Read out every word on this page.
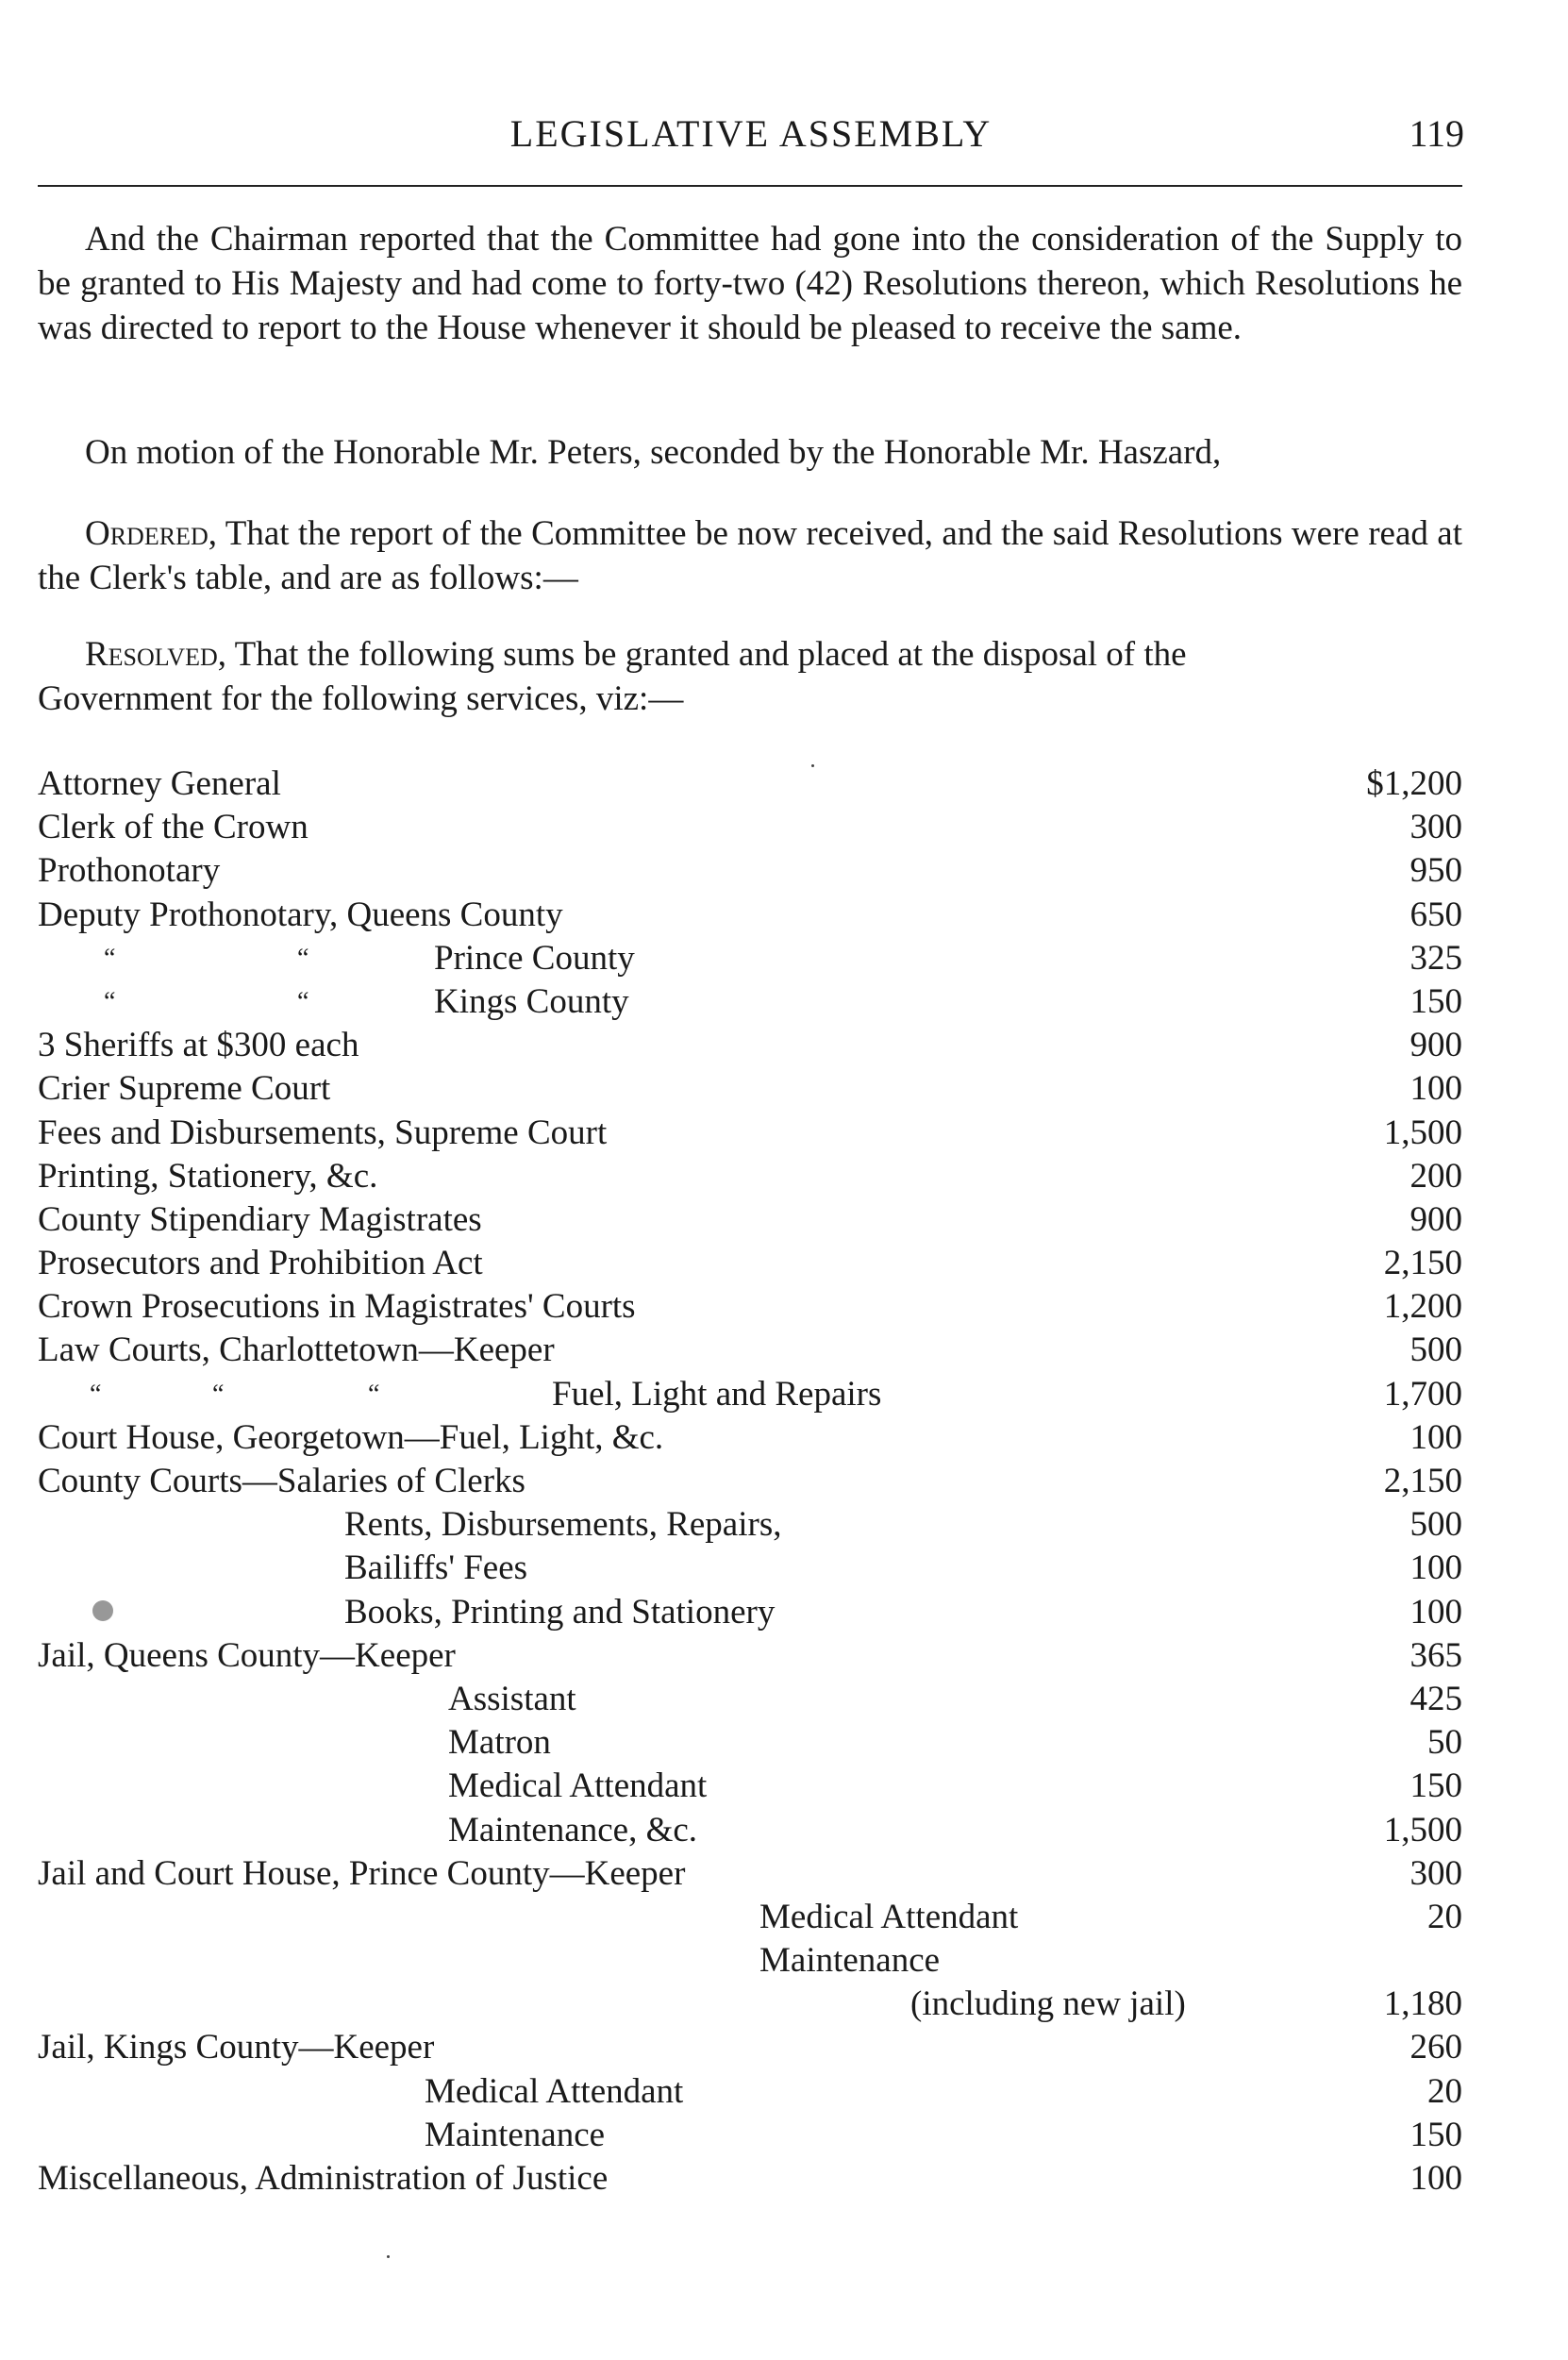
LEGISLATIVE ASSEMBLY	119

And the Chairman reported that the Committee had gone into the consideration of the Supply to be granted to His Majesty and had come to forty-two (42) Resolutions thereon, which Resolutions he was directed to report to the House whenever it should be pleased to receive the same.

On motion of the Honorable Mr. Peters, seconded by the Honorable Mr. Haszard,

Ordered, That the report of the Committee be now received, and the said Resolutions were read at the Clerk's table, and are as follows:—

Resolved, That the following sums be granted and placed at the disposal of the Government for the following services, viz:—

Attorney General	$1,200
Clerk of the Crown	300
Prothonotary	950
Deputy Prothonotary, Queens County	650
“	“	Prince County	325
“	“	Kings County	150
3 Sheriffs at $300 each	900
Crier Supreme Court	100
Fees and Disbursements, Supreme Court	1,500
Printing, Stationery, &c.	200
County Stipendiary Magistrates	900
Prosecutors and Prohibition Act	2,150
Crown Prosecutions in Magistrates' Courts	1,200
Law Courts, Charlottetown—Keeper	500
“	“	“	Fuel, Light and Repairs	1,700
Court House, Georgetown—Fuel, Light, &c.	100
County Courts—Salaries of Clerks	2,150
Rents, Disbursements, Repairs,	500
Bailiffs' Fees	100
Books, Printing and Stationery	100
Jail, Queens County—Keeper	365
Assistant	425
Matron	50
Medical Attendant	150
Maintenance, &c.	1,500
Jail and Court House, Prince County—Keeper	300
Medical Attendant	20
Maintenance
(including new jail)	1,180
Jail, Kings County—Keeper	260
Medical Attendant	20
Maintenance	150
Miscellaneous, Administration of Justice	100
